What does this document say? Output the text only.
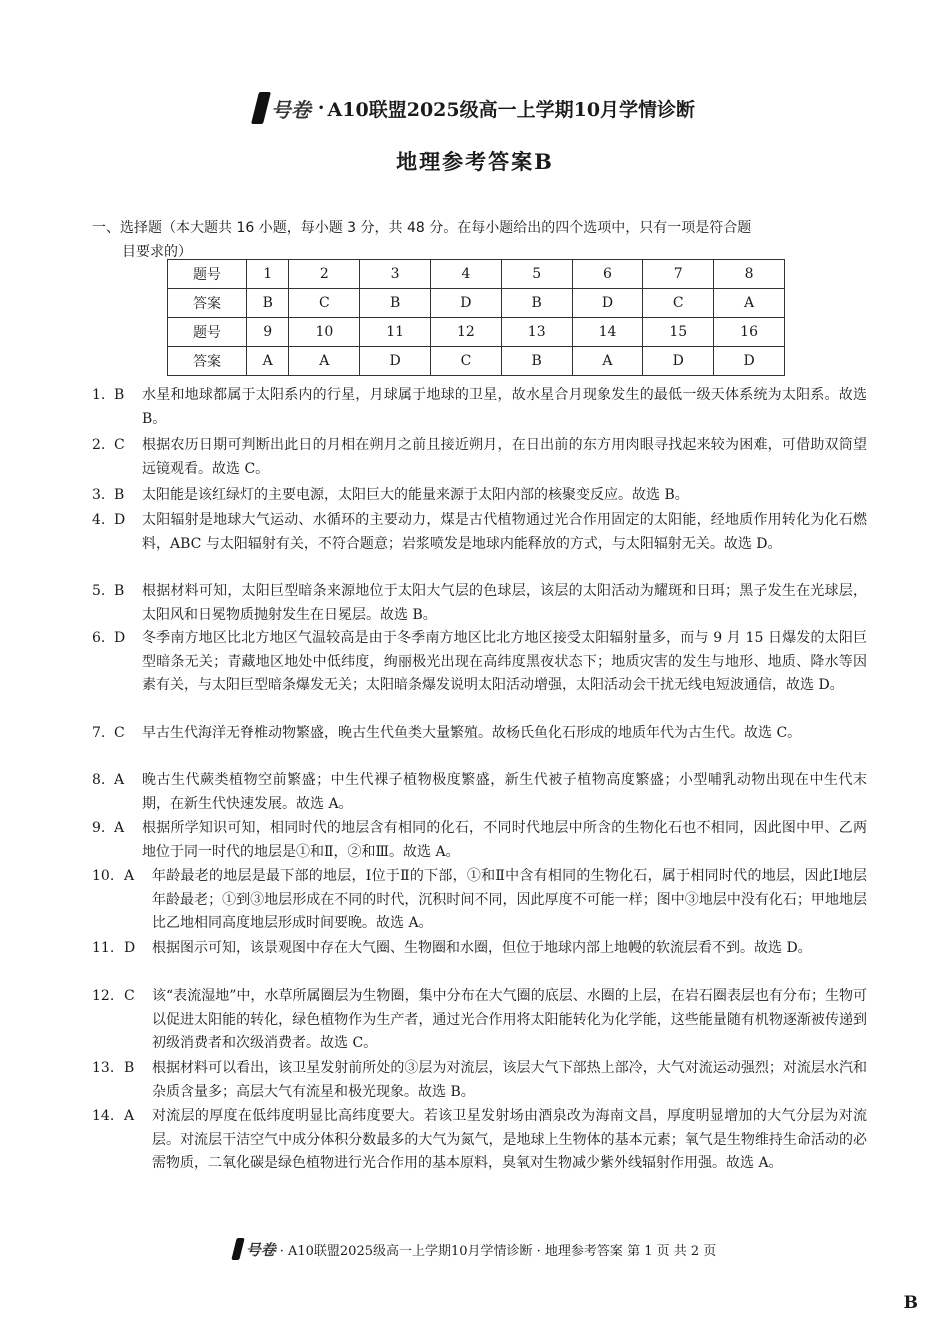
号卷 · A10联盟2025级高一上学期10月学情诊断
地理参考答案B
一、选择题（本大题共 16 小题，每小题 3 分，共 48 分。在每小题给出的四个选项中，只有一项是符合题
目要求的）
题号	1	2	3	4	5	6	7	8
答案	B	C	B	D	B	D	C	A
题号	9	10	11	12	13	14	15	16
答案	A	A	D	C	B	A	D	D
1. B	水星和地球都属于太阳系内的行星，月球属于地球的卫星，故水星合月现象发生的最低一级天体系统为太阳系。故选 B。
2. C	根据农历日期可判断出此日的月相在朔月之前且接近朔月，在日出前的东方用肉眼寻找起来较为困难，可借助双筒望远镜观看。故选 C。
3. B	太阳能是该红绿灯的主要电源，太阳巨大的能量来源于太阳内部的核聚变反应。故选 B。
4. D	太阳辐射是地球大气运动、水循环的主要动力，煤是古代植物通过光合作用固定的太阳能，经地质作用转化为化石燃料，ABC 与太阳辐射有关，不符合题意；岩浆喷发是地球内能释放的方式，与太阳辐射无关。故选 D。
5. B	根据材料可知，太阳巨型暗条来源地位于太阳大气层的色球层，该层的太阳活动为耀斑和日珥；黑子发生在光球层，太阳风和日冕物质抛射发生在日冕层。故选 B。
6. D	冬季南方地区比北方地区气温较高是由于冬季南方地区比北方地区接受太阳辐射量多，而与 9 月 15 日爆发的太阳巨型暗条无关；青藏地区地处中低纬度，绚丽极光出现在高纬度黑夜状态下；地质灾害的发生与地形、地质、降水等因素有关，与太阳巨型暗条爆发无关；太阳暗条爆发说明太阳活动增强，太阳活动会干扰无线电短波通信，故选 D。
7. C	早古生代海洋无脊椎动物繁盛，晚古生代鱼类大量繁殖。故杨氏鱼化石形成的地质年代为古生代。故选 C。
8. A	晚古生代蕨类植物空前繁盛；中生代裸子植物极度繁盛，新生代被子植物高度繁盛；小型哺乳动物出现在中生代末期，在新生代快速发展。故选 A。
9. A	根据所学知识可知，相同时代的地层含有相同的化石，不同时代地层中所含的生物化石也不相同，因此图中甲、乙两地位于同一时代的地层是①和Ⅱ，②和Ⅲ。故选 A。
10. A	年龄最老的地层是最下部的地层，Ⅰ位于Ⅱ的下部，①和Ⅱ中含有相同的生物化石，属于相同时代的地层，因此Ⅰ地层年龄最老；①到③地层形成在不同的时代，沉积时间不同，因此厚度不可能一样；图中③地层中没有化石；甲地地层比乙地相同高度地层形成时间要晚。故选 A。
11. D	根据图示可知，该景观图中存在大气圈、生物圈和水圈，但位于地球内部上地幔的软流层看不到。故选 D。
12. C	该“表流湿地”中，水草所属圈层为生物圈，集中分布在大气圈的底层、水圈的上层，在岩石圈表层也有分布；生物可以促进太阳能的转化，绿色植物作为生产者，通过光合作用将太阳能转化为化学能，这些能量随有机物逐渐被传递到初级消费者和次级消费者。故选 C。
13. B	根据材料可以看出，该卫星发射前所处的③层为对流层，该层大气下部热上部冷，大气对流运动强烈；对流层水汽和杂质含量多；高层大气有流星和极光现象。故选 B。
14. A	对流层的厚度在低纬度明显比高纬度要大。若该卫星发射场由酒泉改为海南文昌，厚度明显增加的大气分层为对流层。对流层干洁空气中成分体积分数最多的大气为氮气，是地球上生物体的基本元素；氧气是生物维持生命活动的必需物质，二氧化碳是绿色植物进行光合作用的基本原料，臭氧对生物减少紫外线辐射作用强。故选 A。
号卷 · A10联盟2025级高一上学期10月学情诊断 · 地理参考答案 第 1 页 共 2 页
B
